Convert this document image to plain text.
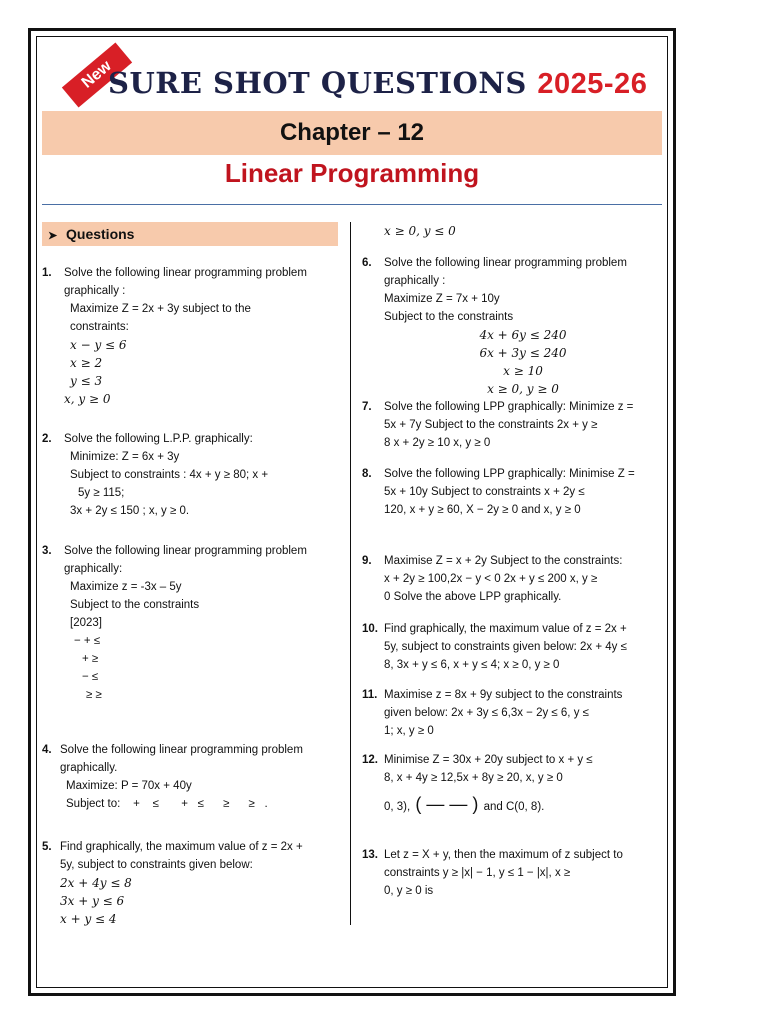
New
SURE SHOT QUESTIONS 2025-26
Chapter – 12
Linear Programming
➤ Questions
1. Solve the following linear programming problem
graphically :
Maximize Z = 2x + 3y subject to the
constraints:
x − y ≤ 6
x ≥ 2
y ≤ 3
x, y ≥ 0
2. Solve the following L.P.P. graphically:
Minimize: Z = 6x + 3y
Subject to constraints : 4x + y ≥ 80; x +
5y ≥ 115;
3x + 2y ≤ 150 ; x, y ≥ 0.
3. Solve the following linear programming problem
graphically:
Maximize z = -3x – 5y
Subject to the constraints
[2023]
− + ≤
+ ≥
− ≤
≥ ≥
4. Solve the following linear programming problem
graphically.
Maximize: P = 70x + 40y
Subject to:    +    ≤       +   ≤      ≥      ≥   .
5. Find graphically, the maximum value of z = 2x +
5y, subject to constraints given below:
2x + 4y ≤ 8
3x + y ≤ 6
x + y ≤ 4
x ≥ 0, y ≤ 0
6. Solve the following linear programming problem
graphically :
Maximize Z = 7x + 10y
Subject to the constraints
4x + 6y ≤ 240
6x + 3y ≤ 240
x ≥ 10
x ≥ 0, y ≥ 0
7. Solve the following LPP graphically: Minimize z =
5x + 7y Subject to the constraints 2x + y ≥
8 x + 2y ≥ 10 x, y ≥ 0
8. Solve the following LPP graphically: Minimise Z =
5x + 10y Subject to constraints x + 2y ≤
120, x + y ≥ 60, X − 2y ≥ 0 and x, y ≥ 0
9. Maximise Z = x + 2y Subject to the constraints:
x + 2y ≥ 100,2x − y < 0 2x + y ≤ 200 x, y ≥
0 Solve the above LPP graphically.
10. Find graphically, the maximum value of z = 2x +
5y, subject to constraints given below: 2x + 4y ≤
8, 3x + y ≤ 6, x + y ≤ 4; x ≥ 0, y ≥ 0
11. Maximise z = 8x + 9y subject to the constraints
given below: 2x + 3y ≤ 6,3x − 2y ≤ 6, y ≤
1; x, y ≥ 0
12. Minimise Z = 30x + 20y subject to x + y ≤
8, x + 4y ≥ 12,5x + 8y ≥ 20, x, y ≥ 0
0, 3), ( — — ) and C(0, 8).
13. Let z = X + y, then the maximum of z subject to
constraints y ≥ |x| − 1, y ≤ 1 − |x|, x ≥
0, y ≥ 0 is
